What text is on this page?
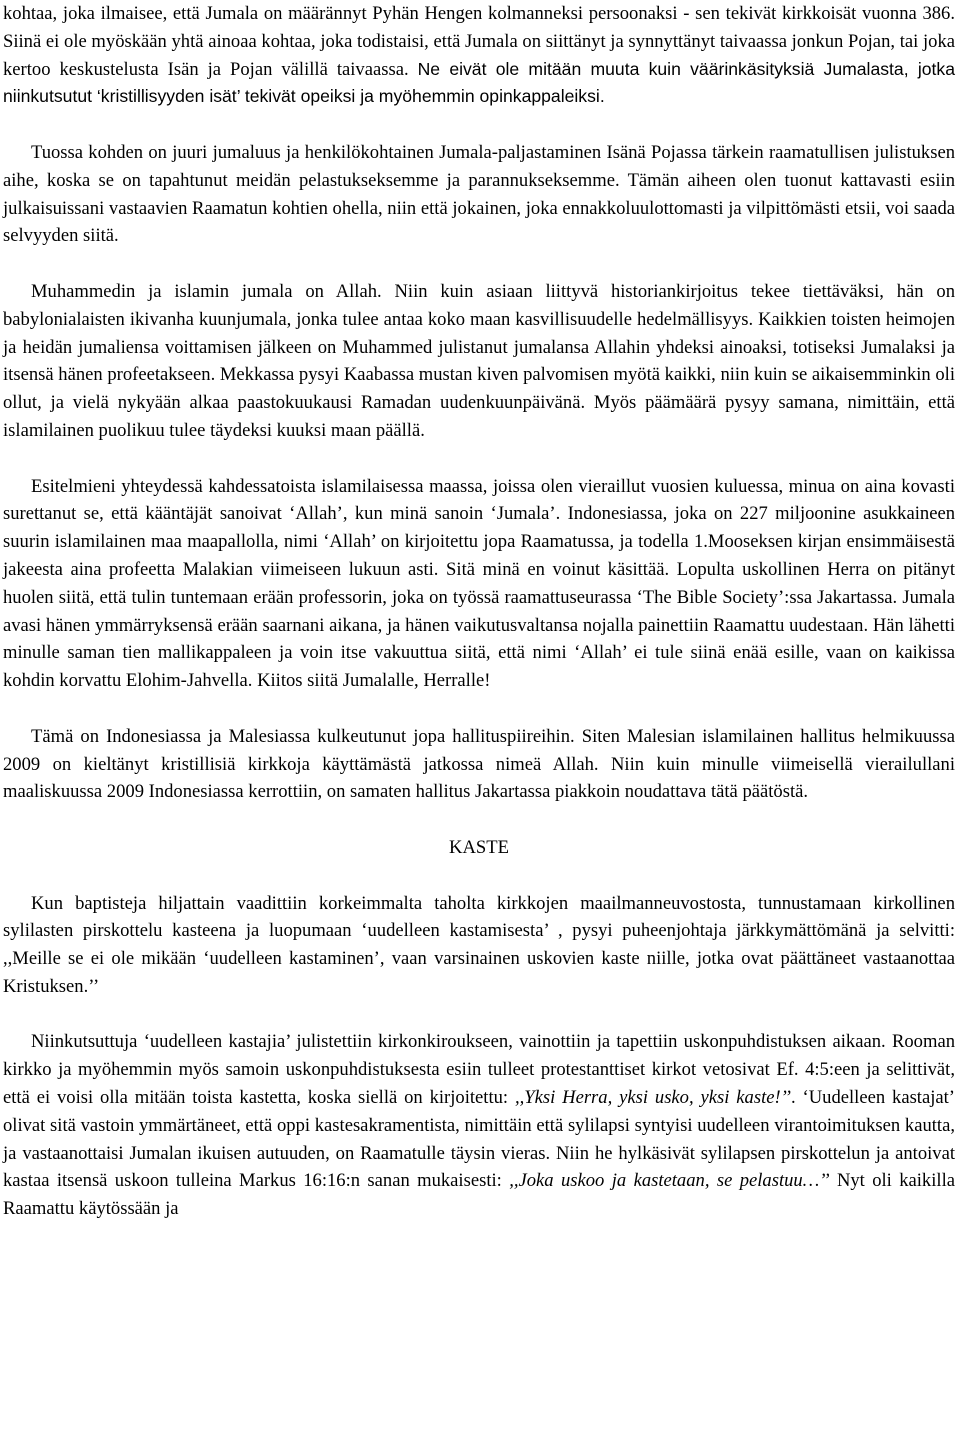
kohtaa, joka ilmaisee, että Jumala on määrännyt Pyhän Hengen kolmanneksi persoonaksi - sen tekivät kirkkoisät vuonna 386. Siinä ei ole myöskään yhtä ainoaa kohtaa, joka todistaisi, että Jumala on siittänyt ja synnyttänyt taivaassa jonkun Pojan, tai joka kertoo keskustelusta Isän ja Pojan välillä taivaassa. Ne eivät ole mitään muuta kuin väärinkäsityksiä Jumalasta, jotka niinkutsutut ‘kristillisyyden isät’ tekivät opeiksi ja myöhemmin opinkappaleiksi.

Tuossa kohden on juuri jumaluus ja henkilökohtainen Jumala-paljastaminen Isänä Pojassa tärkein raamatullisen julistuksen aihe, koska se on tapahtunut meidän pelastukseksemme ja parannukseksemme. Tämän aiheen olen tuonut kattavasti esiin julkaisuissani vastaavien Raamatun kohtien ohella, niin että jokainen, joka ennakkoluulottomasti ja vilpittömästi etsii, voi saada selvyyden siitä.

Muhammedin ja islamin jumala on Allah. Niin kuin asiaan liittyvä historiankirjoitus tekee tiettäväksi, hän on babylonialaisten ikivanha kuunjumala, jonka tulee antaa koko maan kasvillisuudelle hedelmällisyys. Kaikkien toisten heimojen ja heidän jumaliensa voittamisen jälkeen on Muhammed julistanut jumalansa Allahin yhdeksi ainoaksi, totiseksi Jumalaksi ja itsensä hänen profeetakseen. Mekkassa pysyi Kaabassa mustan kiven palvomisen myötä kaikki, niin kuin se aikaisemminkin oli ollut, ja vielä nykyään alkaa paastokuukausi Ramadan uudenkuunpäivänä. Myös päämäärä pysyy samana, nimittäin, että islamilainen puolikuu tulee täydeksi kuuksi maan päällä.

Esitelmieni yhteydessä kahdessatoista islamilaisessa maassa, joissa olen vieraillut vuosien kuluessa, minua on aina kovasti surettanut se, että kääntäjät sanoivat ‘Allah’, kun minä sanoin ‘Jumala’. Indonesiassa, joka on 227 miljoonine asukkaineen suurin islamilainen maa maapallolla, nimi ‘Allah’ on kirjoitettu jopa Raamatussa, ja todella 1.Mooseksen kirjan ensimmäisestä jakeesta aina profeetta Malakian viimeiseen lukuun asti. Sitä minä en voinut käsittää. Lopulta uskollinen Herra on pitänyt huolen siitä, että tulin tuntemaan erään professorin, joka on työssä raamattuseurassa ‘The Bible Society’:ssa Jakartassa. Jumala avasi hänen ymmärryksensä erään saarnani aikana, ja hänen vaikutusvaltansa nojalla painettiin Raamattu uudestaan. Hän lähetti minulle saman tien mallikappaleen ja voin itse vakuuttua siitä, että nimi ‘Allah’ ei tule siinä enää esille, vaan on kaikissa kohdin korvattu Elohim-Jahvella. Kiitos siitä Jumalalle, Herralle!

Tämä on Indonesiassa ja Malesiassa kulkeutunut jopa hallituspiireihin. Siten Malesian islamilainen hallitus helmikuussa 2009 on kieltänyt kristillisiä kirkkoja käyttämästä jatkossa nimeä Allah. Niin kuin minulle viimeisellä vierailullani maaliskuussa 2009 Indonesiassa kerrottiin, on samaten hallitus Jakartassa piakkoin noudattava tätä päätöstä.

KASTE

Kun baptisteja hiljattain vaadittiin korkeimmalta taholta kirkkojen maailmanneuvostosta, tunnustamaan kirkollinen sylilasten pirskottelu kasteena ja luopumaan ‘uudelleen kastamisesta’ , pysyi puheenjohtaja järkkymättömänä ja selvitti: ,,Meille se ei ole mikään ‘uudelleen kastaminen’, vaan varsinainen uskovien kaste niille, jotka ovat päättäneet vastaanottaa Kristuksen.’’

Niinkutsuttuja ‘uudelleen kastajia’ julistettiin kirkonkiroukseen, vainottiin ja tapettiin uskonpuhdistuksen aikaan. Rooman kirkko ja myöhemmin myös samoin uskonpuhdistuksesta esiin tulleet protestanttiset kirkot vetosivat Ef. 4:5:een ja selittivät, että ei voisi olla mitään toista kastetta, koska siellä on kirjoitettu: ,,Yksi Herra, yksi usko, yksi kaste!’’. ‘Uudelleen kastajat’ olivat sitä vastoin ymmärtäneet, että oppi kastesakramentista, nimittäin että sylilapsi syntyisi uudelleen virantoimituksen kautta, ja vastaanottaisi Jumalan ikuisen autuuden, on Raamatulle täysin vieras. Niin he hylkäsivät sylilapsen pirskottelun ja antoivat kastaa itsensä uskoon tulleina Markus 16:16:n sanan mukaisesti: ,,Joka uskoo ja kastetaan, se pelastuu…’’ Nyt oli kaikilla Raamattu käytössään ja
